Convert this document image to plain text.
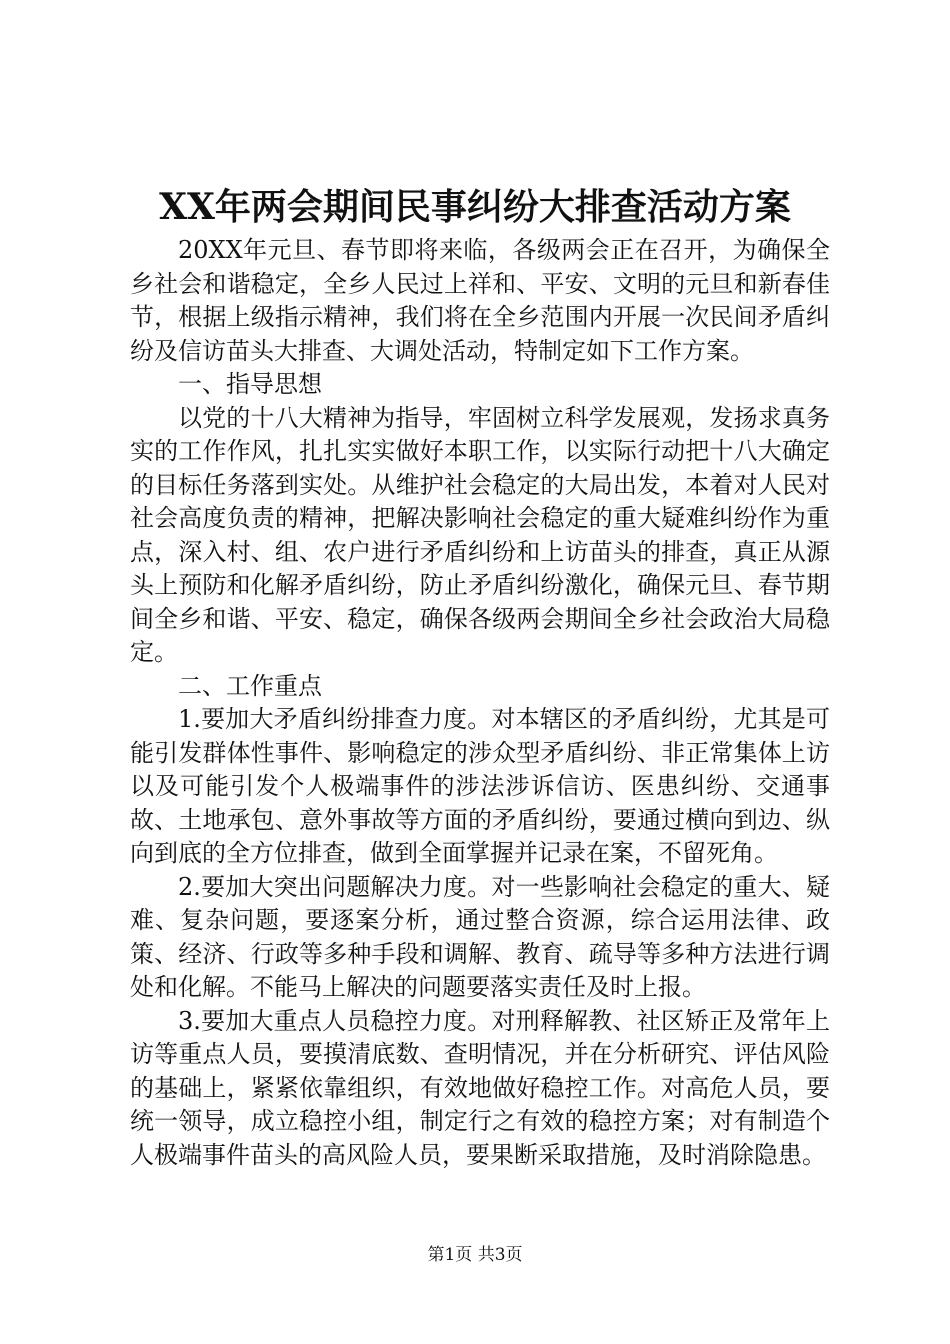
XX年两会期间民事纠纷大排查活动方案

20XX年元旦、春节即将来临，各级两会正在召开，为确保全乡社会和谐稳定，全乡人民过上祥和、平安、文明的元旦和新春佳节，根据上级指示精神，我们将在全乡范围内开展一次民间矛盾纠纷及信访苗头大排查、大调处活动，特制定如下工作方案。

一、指导思想

以党的十八大精神为指导，牢固树立科学发展观，发扬求真务实的工作作风，扎扎实实做好本职工作，以实际行动把十八大确定的目标任务落到实处。从维护社会稳定的大局出发，本着对人民对社会高度负责的精神，把解决影响社会稳定的重大疑难纠纷作为重点，深入村、组、农户进行矛盾纠纷和上访苗头的排查，真正从源头上预防和化解矛盾纠纷，防止矛盾纠纷激化，确保元旦、春节期间全乡和谐、平安、稳定，确保各级两会期间全乡社会政治大局稳定。

二、工作重点

1.要加大矛盾纠纷排查力度。对本辖区的矛盾纠纷，尤其是可能引发群体性事件、影响稳定的涉众型矛盾纠纷、非正常集体上访以及可能引发个人极端事件的涉法涉诉信访、医患纠纷、交通事故、土地承包、意外事故等方面的矛盾纠纷，要通过横向到边、纵向到底的全方位排查，做到全面掌握并记录在案，不留死角。

2.要加大突出问题解决力度。对一些影响社会稳定的重大、疑难、复杂问题，要逐案分析，通过整合资源，综合运用法律、政策、经济、行政等多种手段和调解、教育、疏导等多种方法进行调处和化解。不能马上解决的问题要落实责任及时上报。

3.要加大重点人员稳控力度。对刑释解教、社区矫正及常年上访等重点人员，要摸清底数、查明情况，并在分析研究、评估风险的基础上，紧紧依靠组织，有效地做好稳控工作。对高危人员，要统一领导，成立稳控小组，制定行之有效的稳控方案；对有制造个人极端事件苗头的高风险人员，要果断采取措施，及时消除隐患。

第1页 共3页
